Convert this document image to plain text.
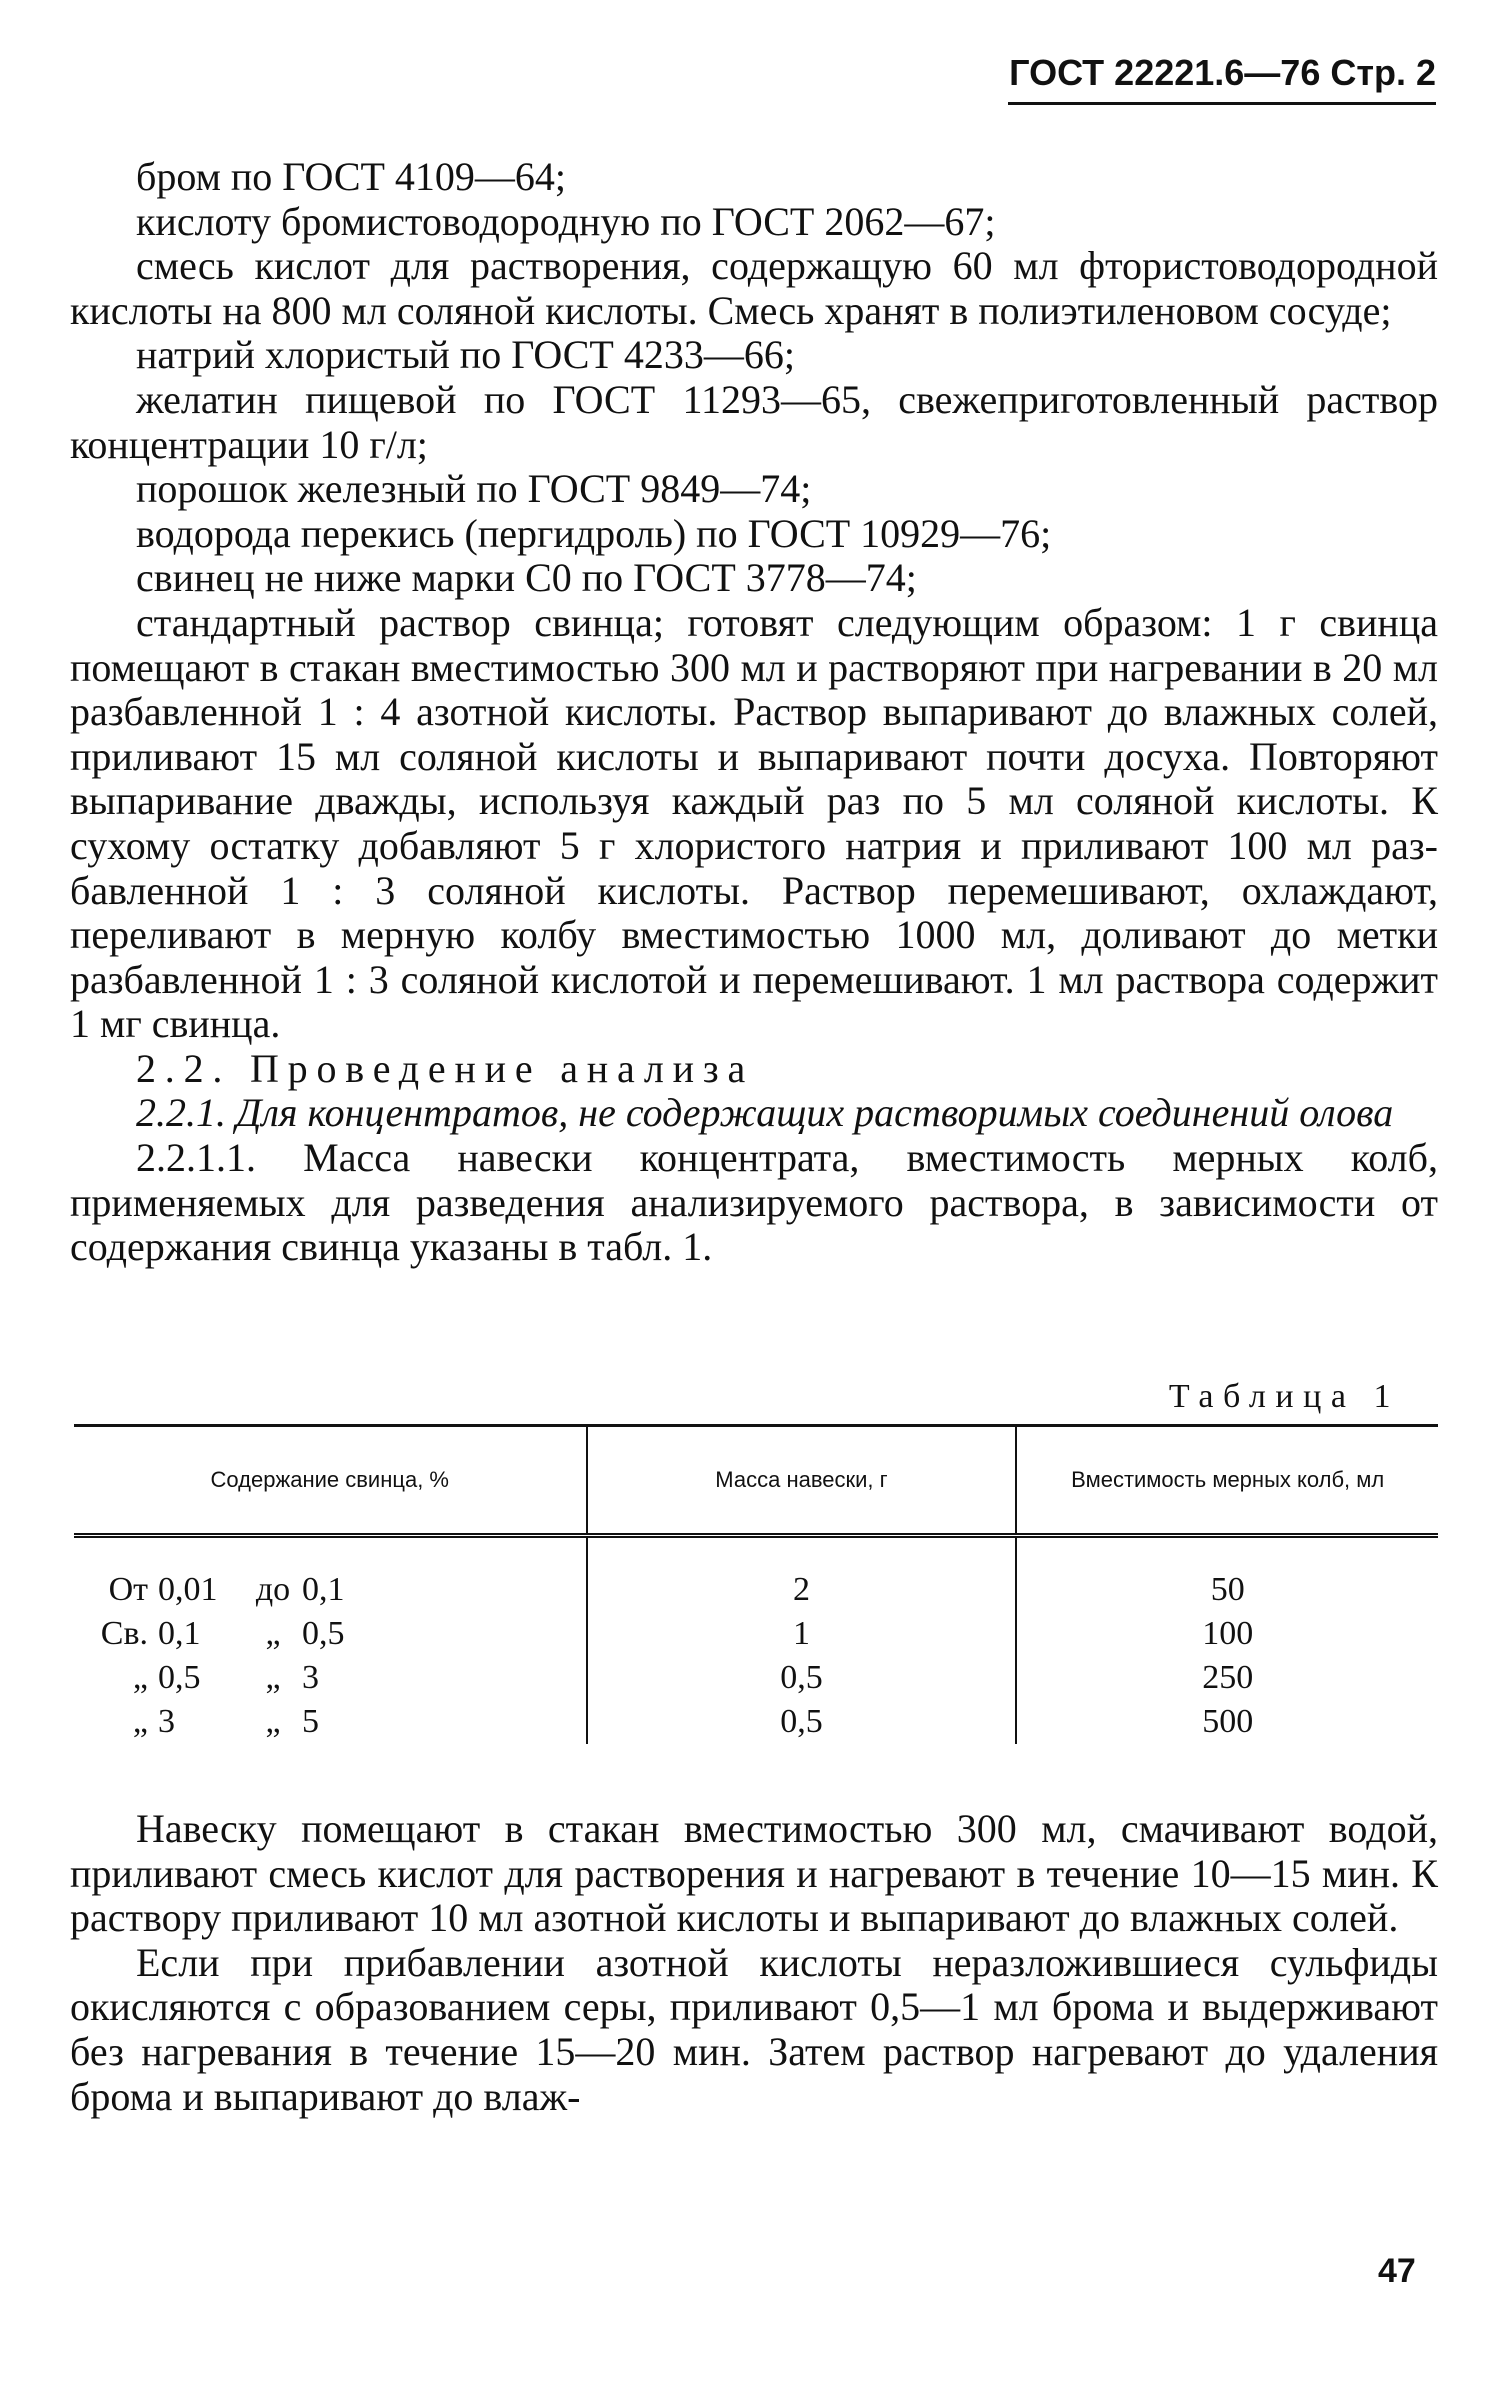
ГОСТ 22221.6—76 Стр. 2

бром по ГОСТ 4109—64;

кислоту бромистоводородную по ГОСТ 2062—67;

смесь кислот для растворения, содержащую 60 мл фтористоводородной кислоты на 800 мл соляной кислоты. Смесь хранят в полиэтиленовом сосуде;

натрий хлористый по ГОСТ 4233—66;

желатин пищевой по ГОСТ 11293—65, свежеприготовленный раствор концентрации 10 г/л;

порошок железный по ГОСТ 9849—74;

водорода перекись (пергидроль) по ГОСТ 10929—76;

свинец не ниже марки С0 по ГОСТ 3778—74;

стандартный раствор свинца; готовят следующим образом: 1 г свинца помещают в стакан вместимостью 300 мл и растворяют при нагревании в 20 мл разбавленной 1 : 4 азотной кислоты. Раствор выпаривают до влажных солей, приливают 15 мл соляной кислоты и выпаривают почти досуха. Повторяют выпаривание дважды, используя каждый раз по 5 мл соляной кислоты. К сухому остатку добавляют 5 г хлористого натрия и приливают 100 мл разбавленной 1 : 3 соляной кислоты. Раствор перемешивают, охлаждают, переливают в мерную колбу вместимостью 1000 мл, доливают до метки разбавленной 1 : 3 соляной кислотой и перемешивают. 1 мл раствора содержит 1 мг свинца.

2.2. Проведение анализа

2.2.1. Для концентратов, не содержащих растворимых соединений олова

2.2.1.1. Масса навески концентрата, вместимость мерных колб, применяемых для разведения анализируемого раствора, в зависимости от содержания свинца указаны в табл. 1.

Таблица 1
Содержание свинца, %	Масса навески, г	Вместимость мерных колб, мл

От 0,01 до 0,1	2	50

Св. 0,1 „ 0,5	1	100

„ 0,5 „ 3	0,5	250

„ 3 „ 5	0,5	500

Навеску помещают в стакан вместимостью 300 мл, смачивают водой, приливают смесь кислот для растворения и нагревают в течение 10—15 мин. К раствору приливают 10 мл азотной кислоты и выпаривают до влажных солей.

Если при прибавлении азотной кислоты неразложившиеся сульфиды окисляются с образованием серы, приливают 0,5—1 мл брома и выдерживают без нагревания в течение 15—20 мин. Затем раствор нагревают до удаления брома и выпаривают до влаж-

47
